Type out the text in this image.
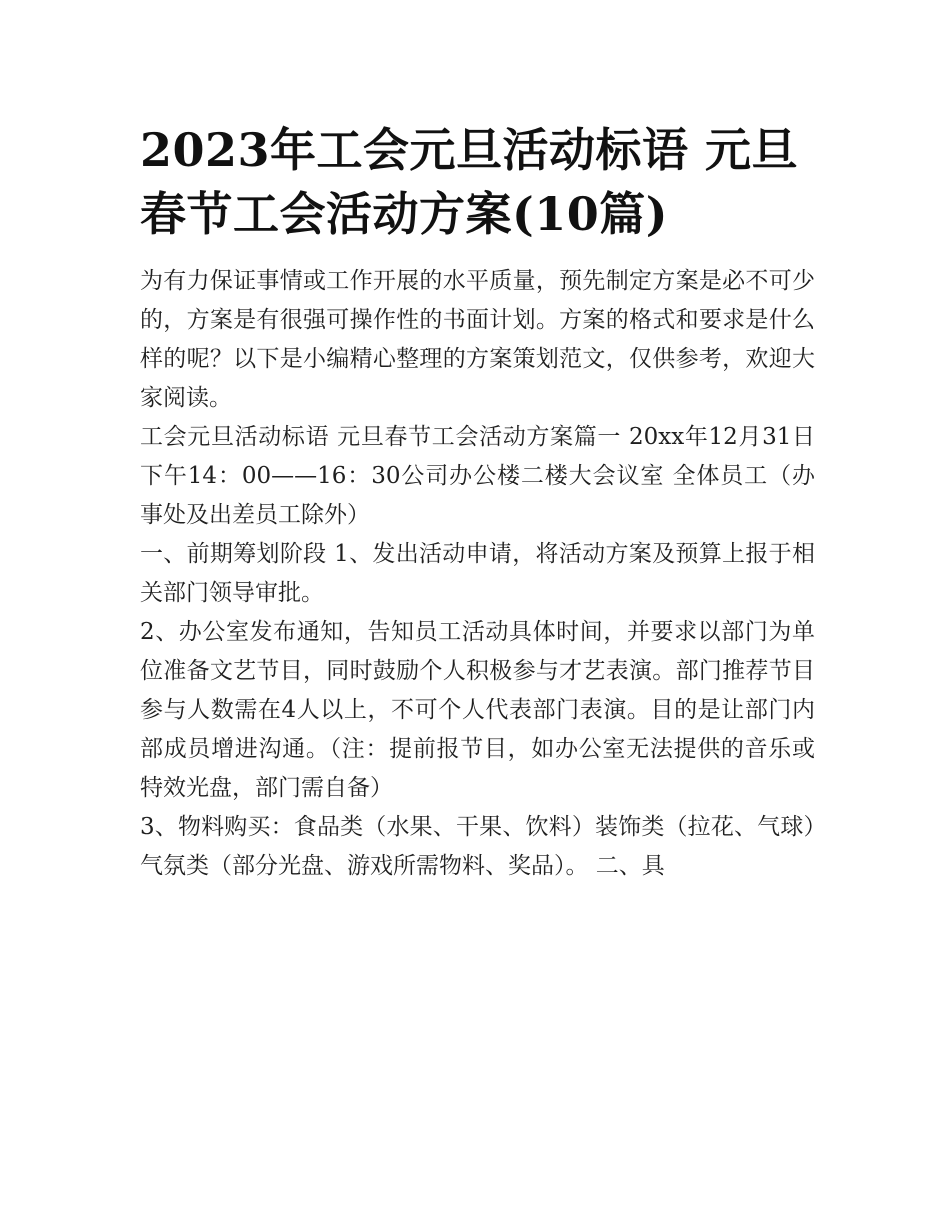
2023年工会元旦活动标语 元旦春节工会活动方案(10篇)

为有力保证事情或工作开展的水平质量，预先制定方案是必不可少的，方案是有很强可操作性的书面计划。方案的格式和要求是什么样的呢？以下是小编精心整理的方案策划范文，仅供参考，欢迎大家阅读。

工会元旦活动标语 元旦春节工会活动方案篇一 20xx年12月31日下午14：00——16：30公司办公楼二楼大会议室 全体员工（办事处及出差员工除外）

一、前期筹划阶段 1、发出活动申请，将活动方案及预算上报于相关部门领导审批。

2、办公室发布通知，告知员工活动具体时间，并要求以部门为单位准备文艺节目，同时鼓励个人积极参与才艺表演。部门推荐节目参与人数需在4人以上，不可个人代表部门表演。目的是让部门内部成员增进沟通。（注：提前报节目，如办公室无法提供的音乐或特效光盘，部门需自备）

3、物料购买：食品类（水果、干果、饮料）装饰类（拉花、气球）气氛类（部分光盘、游戏所需物料、奖品）。 二、具
